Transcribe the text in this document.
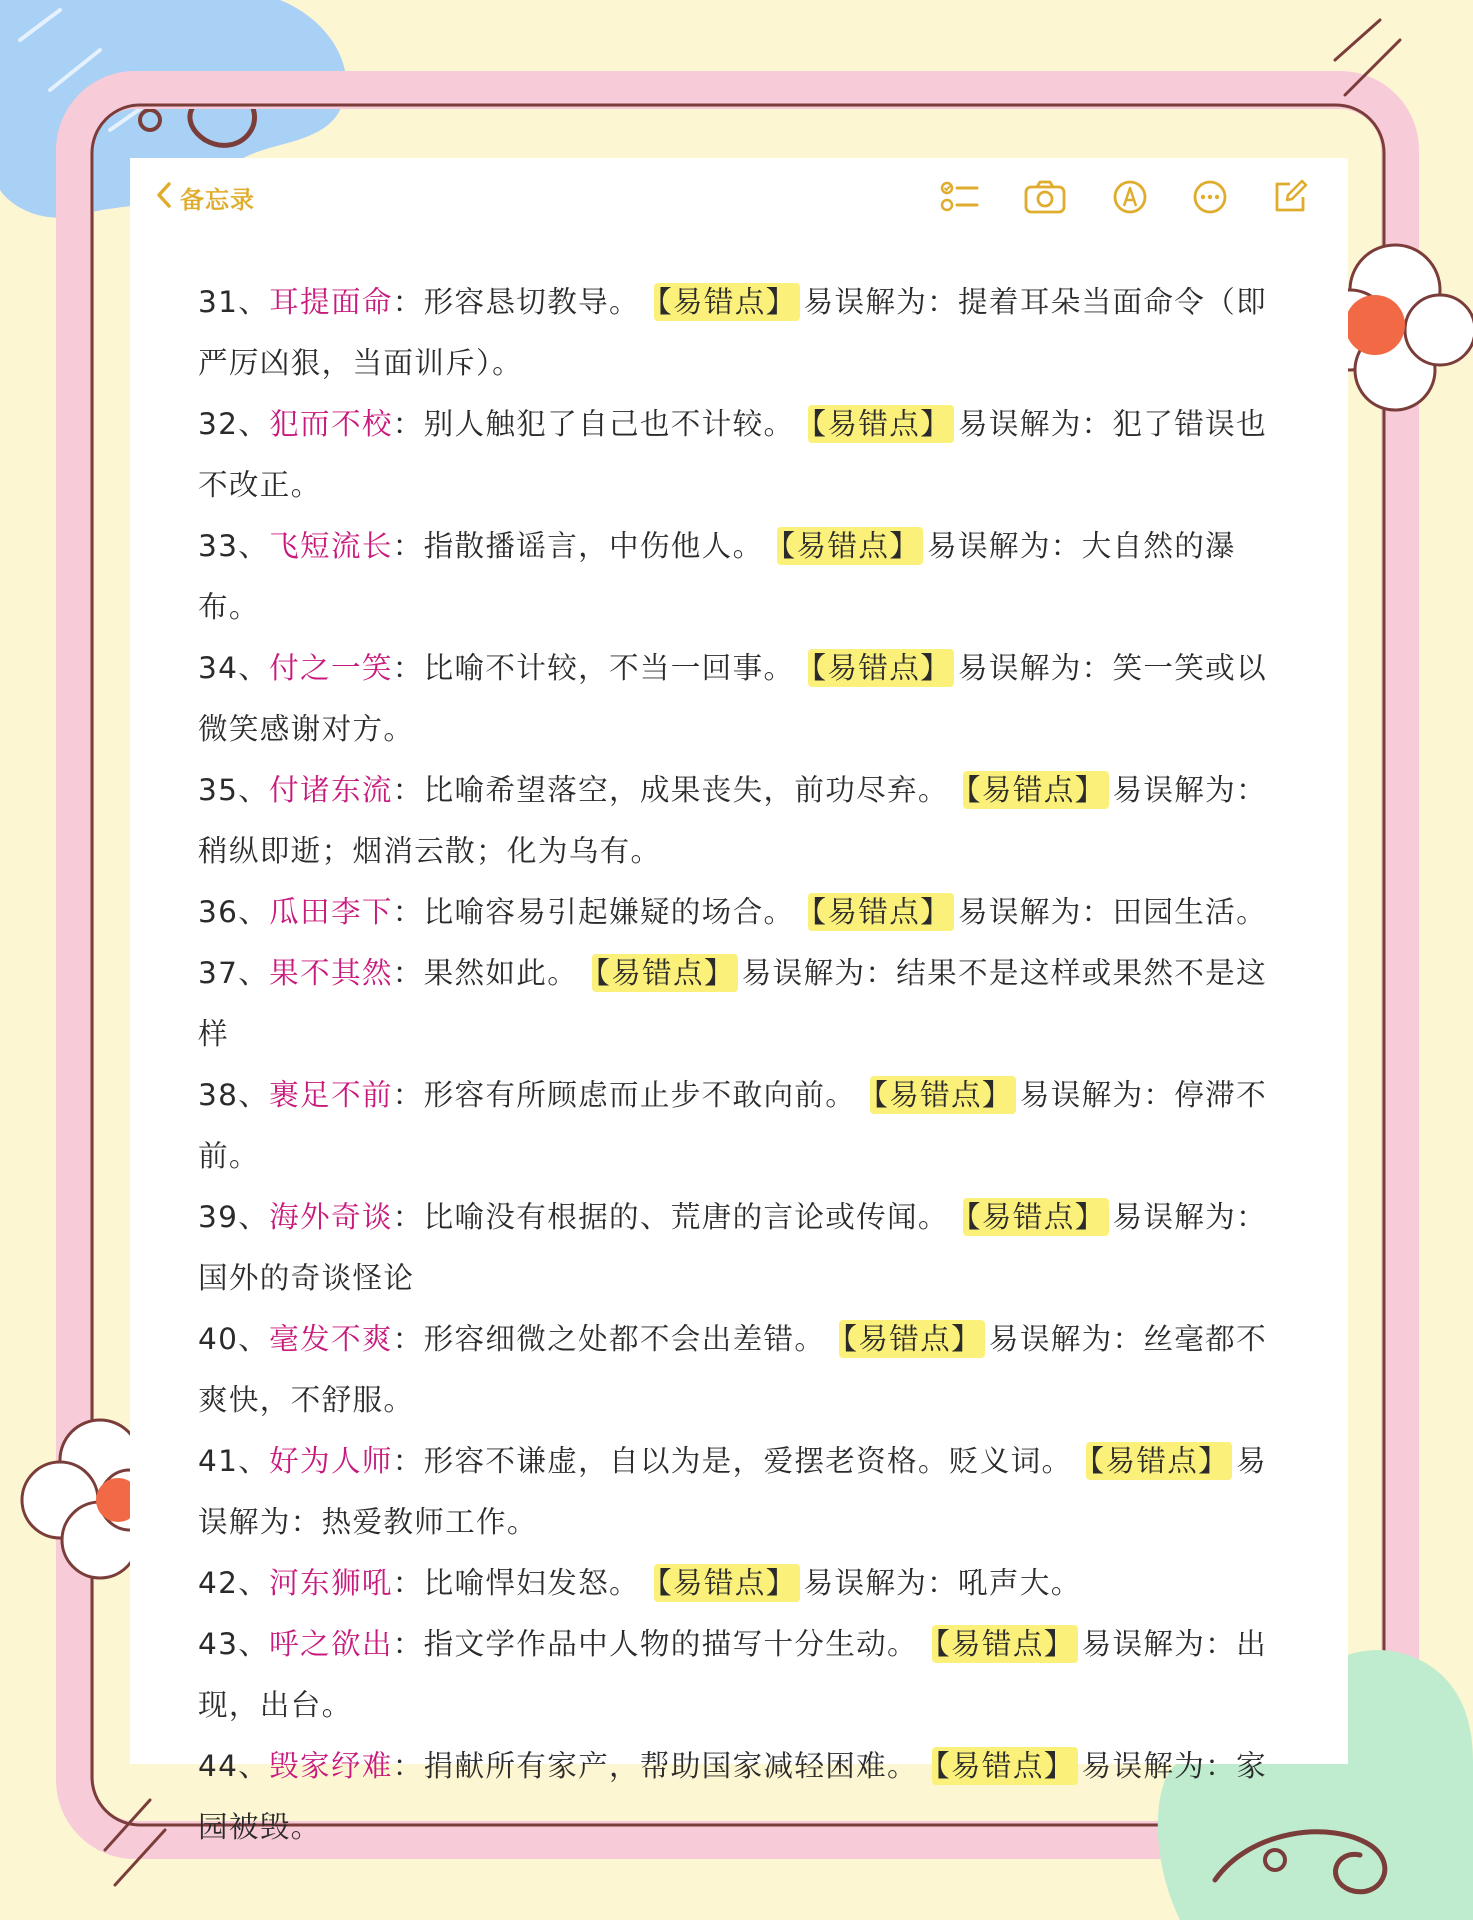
备忘录

31、耳提面命：形容恳切教导。 【易错点】 易误解为：提着耳朵当面命令（即严厉凶狠，当面训斥）。

32、犯而不校：别人触犯了自己也不计较。 【易错点】 易误解为：犯了错误也不改正。

33、飞短流长：指散播谣言，中伤他人。 【易错点】 易误解为：大自然的瀑布。

34、付之一笑：比喻不计较，不当一回事。 【易错点】 易误解为：笑一笑或以微笑感谢对方。

35、付诸东流：比喻希望落空，成果丧失，前功尽弃。 【易错点】 易误解为：稍纵即逝；烟消云散；化为乌有。

36、瓜田李下：比喻容易引起嫌疑的场合。 【易错点】 易误解为：田园生活。

37、果不其然：果然如此。 【易错点】 易误解为：结果不是这样或果然不是这样

38、裹足不前：形容有所顾虑而止步不敢向前。 【易错点】 易误解为：停滞不前。

39、海外奇谈：比喻没有根据的、荒唐的言论或传闻。 【易错点】 易误解为：国外的奇谈怪论

40、毫发不爽：形容细微之处都不会出差错。 【易错点】 易误解为：丝毫都不爽快，不舒服。

41、好为人师：形容不谦虚，自以为是，爱摆老资格。贬义词。 【易错点】 易误解为：热爱教师工作。

42、河东狮吼：比喻悍妇发怒。 【易错点】 易误解为：吼声大。

43、呼之欲出：指文学作品中人物的描写十分生动。 【易错点】 易误解为：出现，出台。

44、毁家纾难：捐献所有家产，帮助国家减轻困难。 【易错点】 易误解为：家园被毁。
